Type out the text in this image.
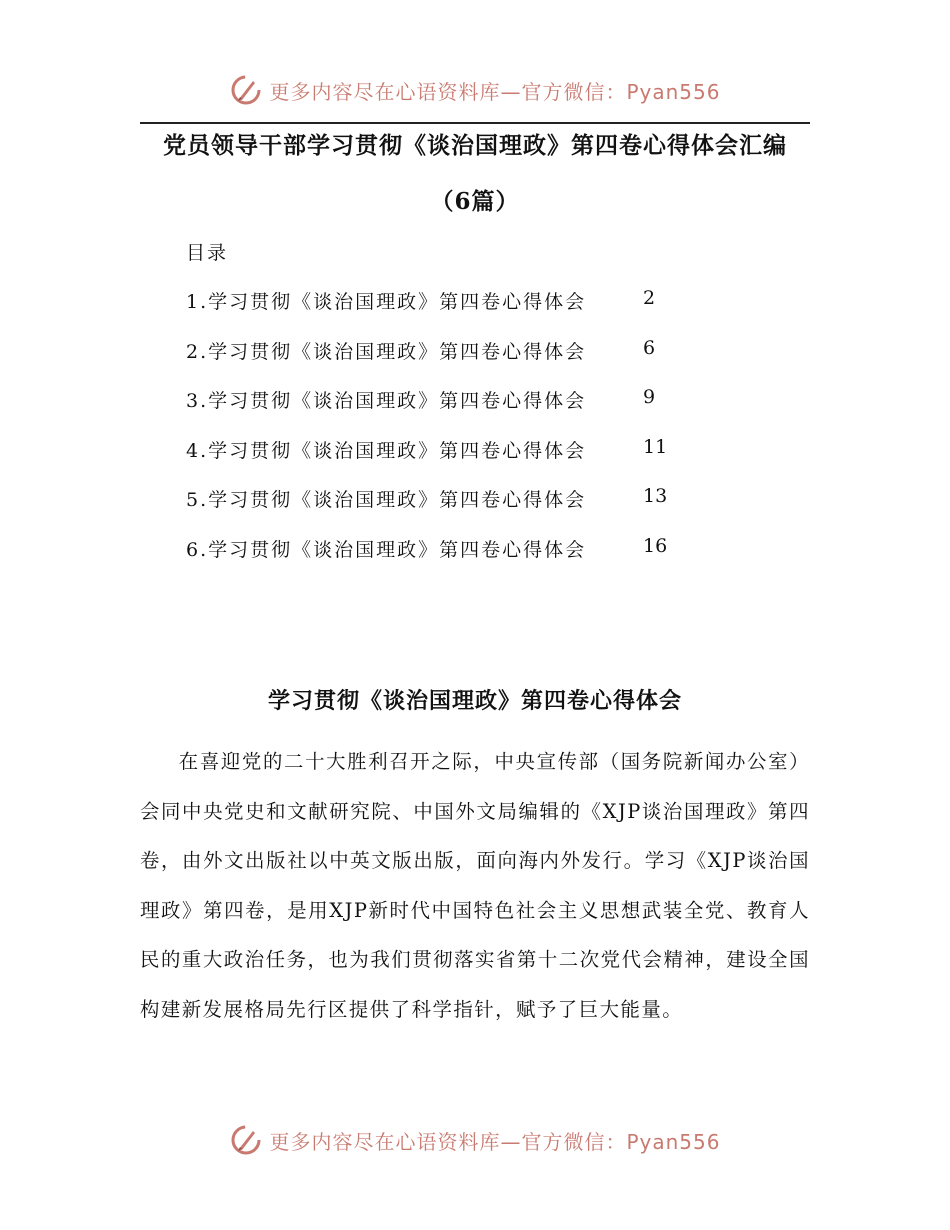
更多内容尽在心语资料库—官方微信：Pyan556
党员领导干部学习贯彻《谈治国理政》第四卷心得体会汇编
（6篇）
目录
1.学习贯彻《谈治国理政》第四卷心得体会	2
2.学习贯彻《谈治国理政》第四卷心得体会	6
3.学习贯彻《谈治国理政》第四卷心得体会	9
4.学习贯彻《谈治国理政》第四卷心得体会	11
5.学习贯彻《谈治国理政》第四卷心得体会	13
6.学习贯彻《谈治国理政》第四卷心得体会	16
学习贯彻《谈治国理政》第四卷心得体会

在喜迎党的二十大胜利召开之际，中央宣传部（国务院新闻办公室）会同中央党史和文献研究院、中国外文局编辑的《XJP谈治国理政》第四卷，由外文出版社以中英文版出版，面向海内外发行。学习《XJP谈治国理政》第四卷，是用XJP新时代中国特色社会主义思想武装全党、教育人民的重大政治任务，也为我们贯彻落实省第十二次党代会精神，建设全国构建新发展格局先行区提供了科学指针，赋予了巨大能量。

更多内容尽在心语资料库—官方微信：Pyan556
